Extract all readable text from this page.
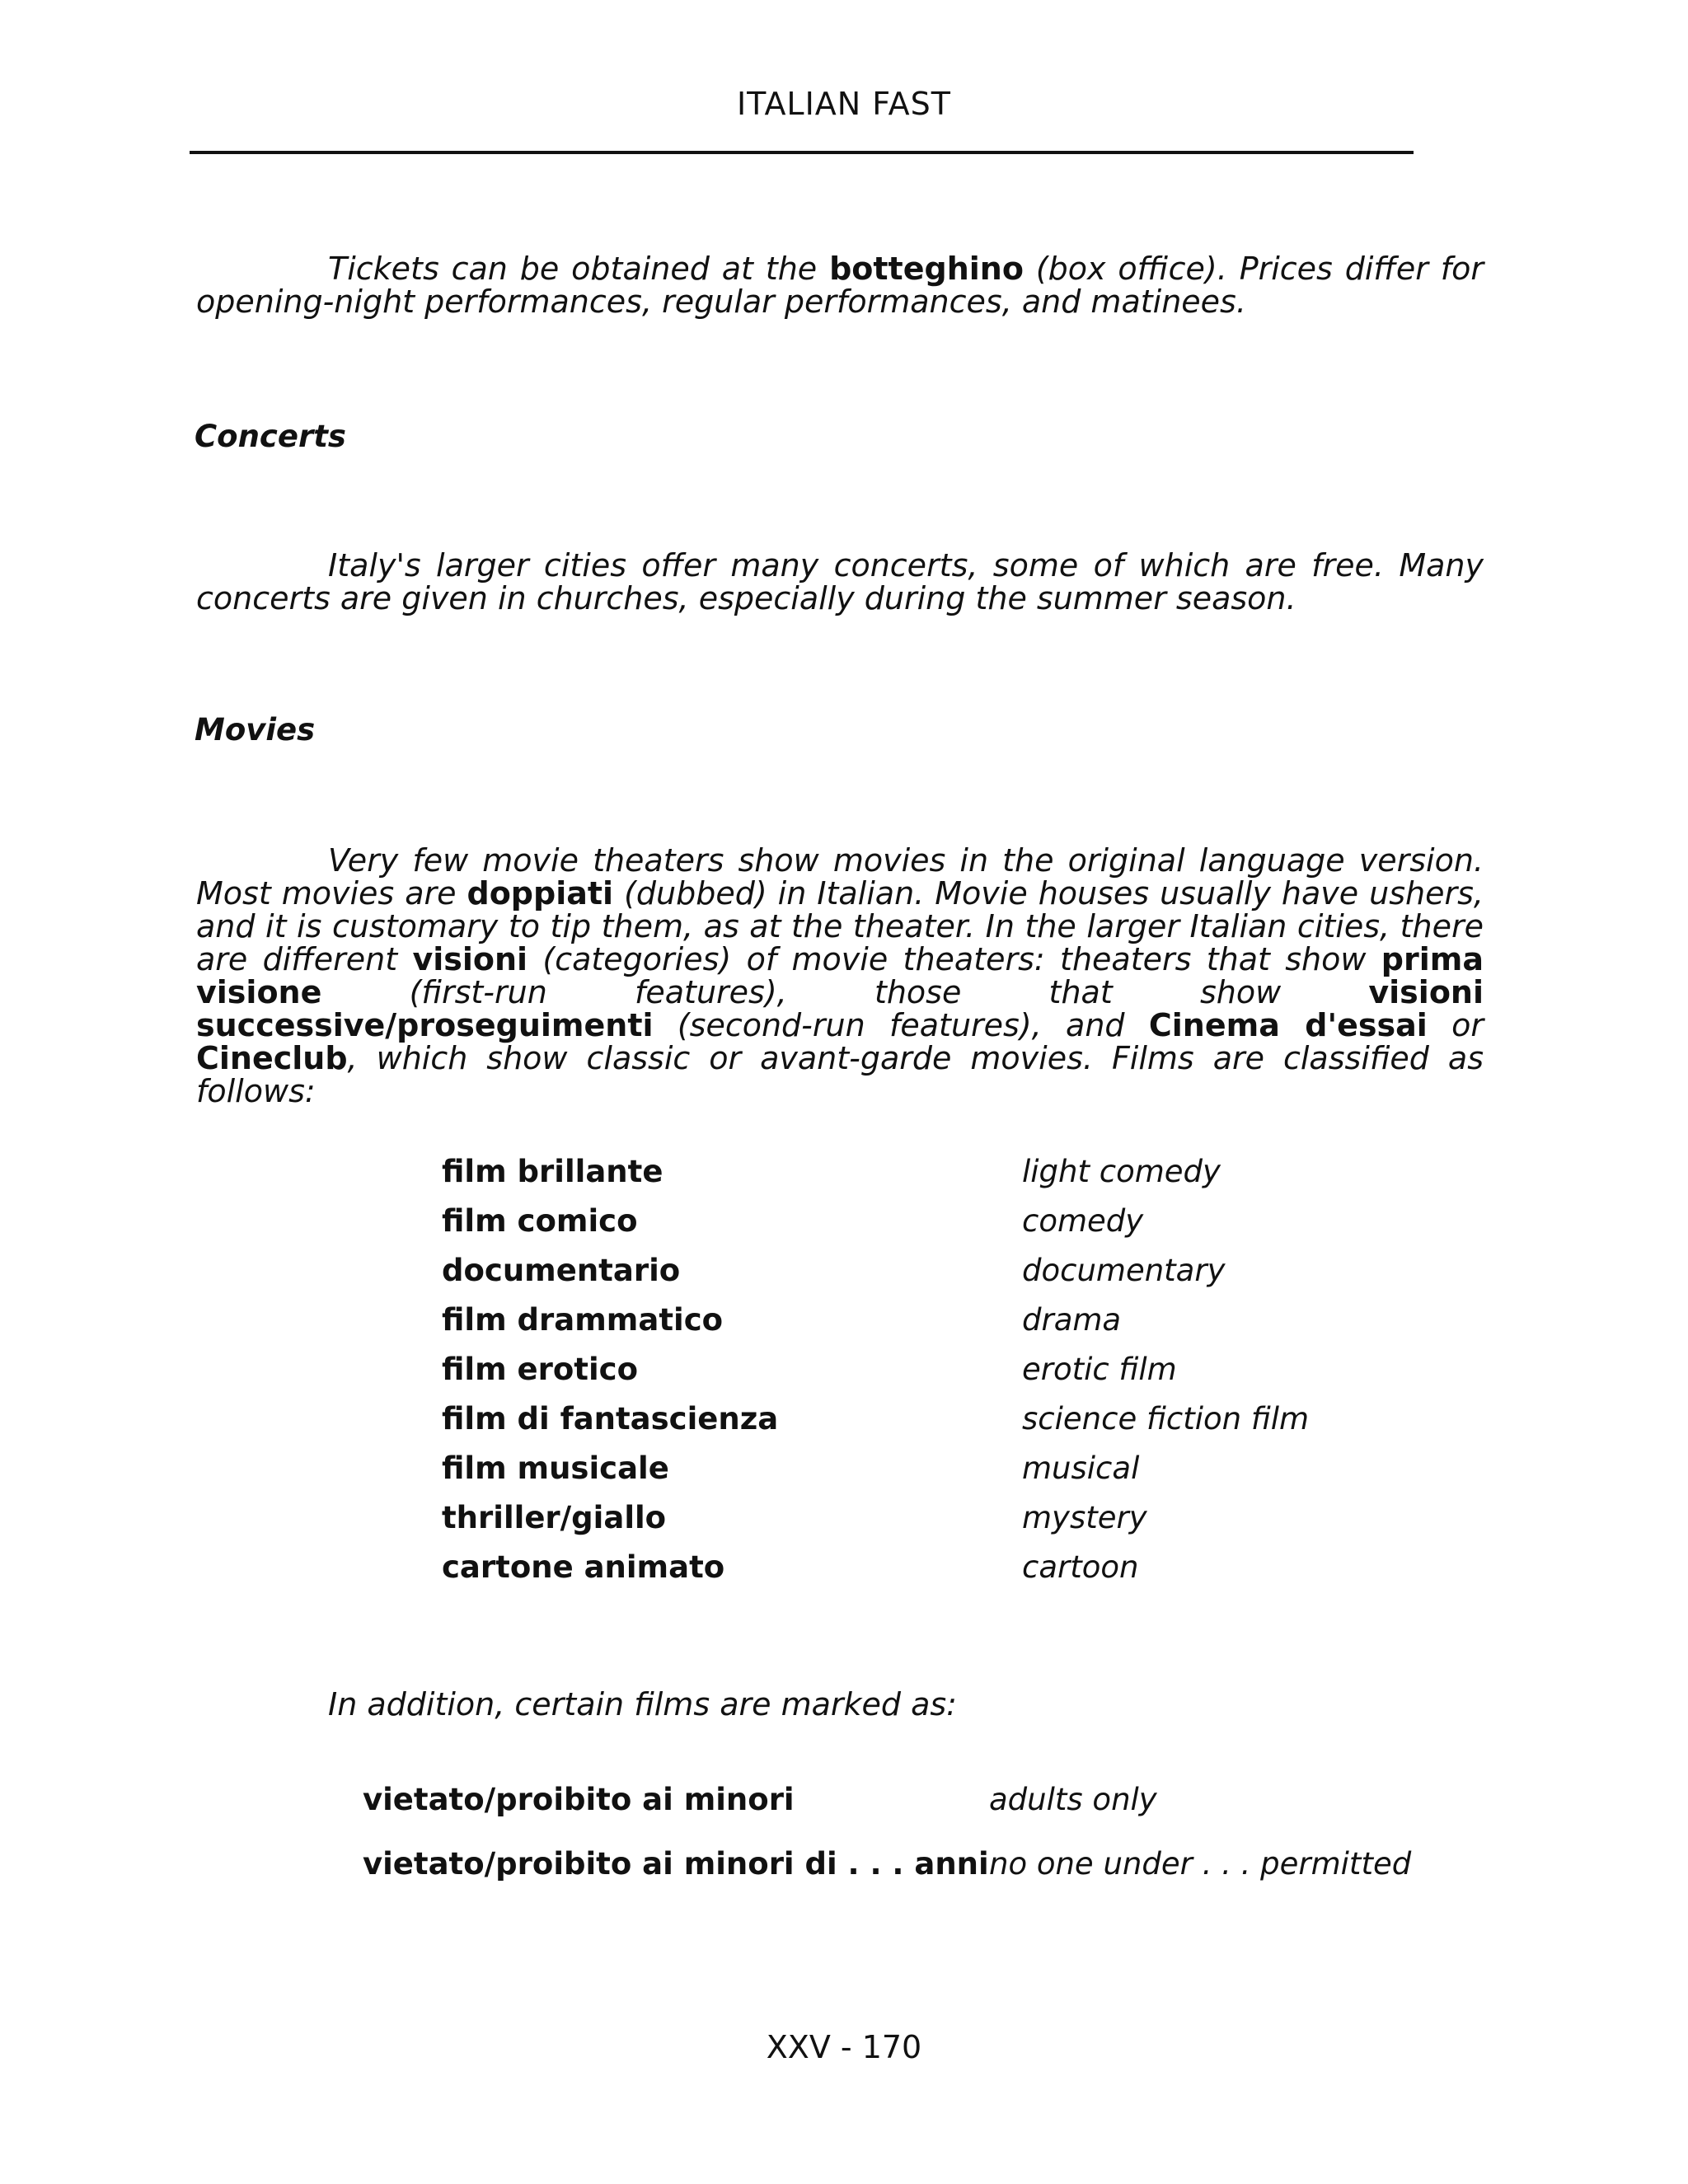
ITALIAN FAST

Tickets can be obtained at the botteghino (box office). Prices differ for opening-night performances, regular performances, and matinees.

Concerts

Italy's larger cities offer many concerts, some of which are free. Many concerts are given in churches, especially during the summer season.

Movies

Very few movie theaters show movies in the original language version. Most movies are doppiati (dubbed) in Italian. Movie houses usually have ushers, and it is customary to tip them, as at the theater. In the larger Italian cities, there are different visioni (categories) of movie theaters: theaters that show prima visione (first-run features), those that show visioni successive/proseguimenti (second-run features), and Cinema d'essai or Cineclub, which show classic or avant-garde movies. Films are classified as follows:

film brillante	light comedy
film comico	comedy
documentario	documentary
film drammatico	drama
film erotico	erotic film
film di fantascienza	science fiction film
film musicale	musical
thriller/giallo	mystery
cartone animato	cartoon
In addition, certain films are marked as:
vietato/proibito ai minori	adults only
vietato/proibito ai minori di . . . anni no one under . . . permitted
XXV - 170
